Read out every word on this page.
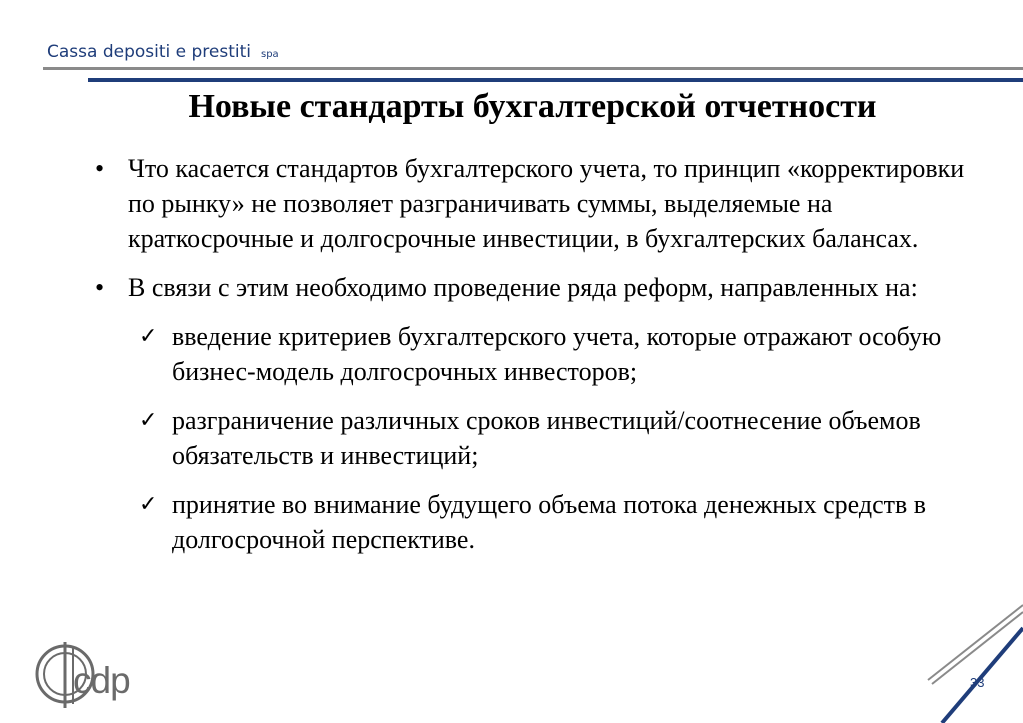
Cassa depositi e prestiti spa
Новые стандарты бухгалтерской отчетности
• Что касается стандартов бухгалтерского учета, то принцип «корректировки по рынку» не позволяет разграничивать суммы, выделяемые на краткосрочные и долгосрочные инвестиции, в бухгалтерских балансах.
• В связи с этим необходимо проведение ряда реформ, направленных на:
✓ введение критериев бухгалтерского учета, которые отражают особую бизнес-модель долгосрочных инвесторов;
✓ разграничение различных сроков инвестиций/соотнесение объемов обязательств и инвестиций;
✓ принятие во внимание будущего объема потока денежных средств в долгосрочной перспективе.
cdp	33
